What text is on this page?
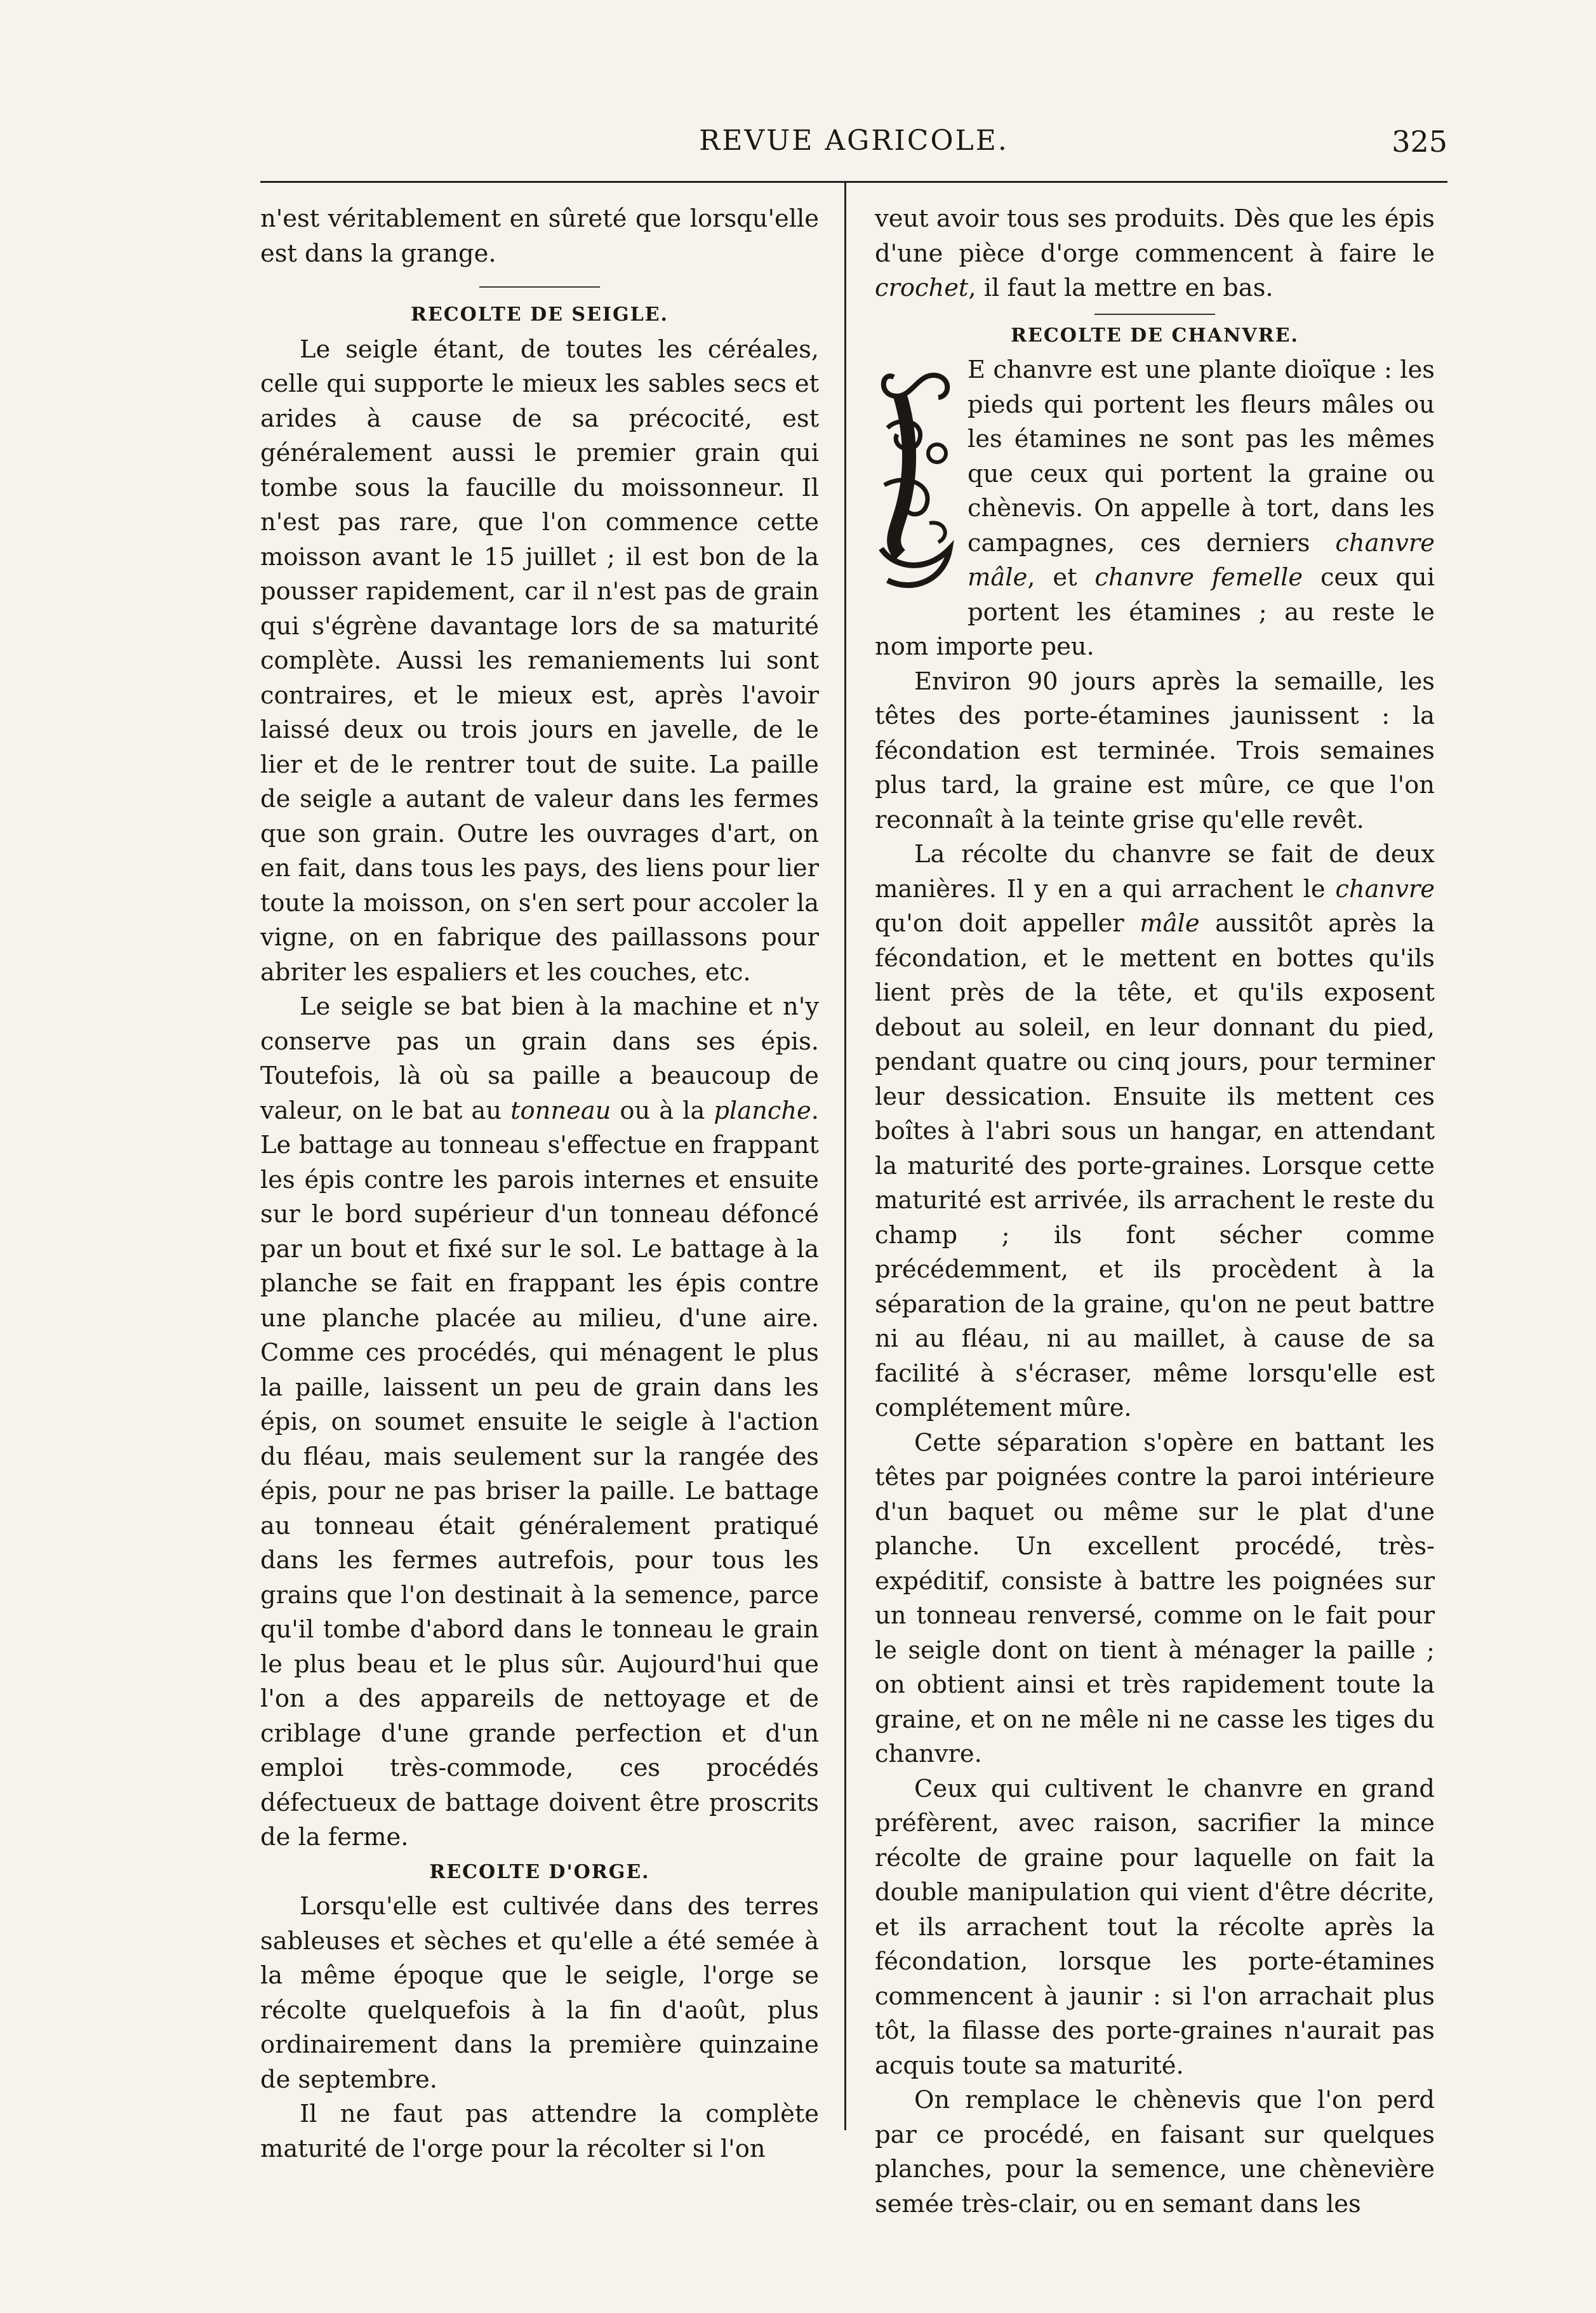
REVUE AGRICOLE.	325

n'est véritablement en sûreté que lorsqu'elle est dans la grange.

RECOLTE DE SEIGLE.

Le seigle étant, de toutes les céréales, celle qui supporte le mieux les sables secs et arides à cause de sa précocité, est généralement aussi le premier grain qui tombe sous la faucille du moissonneur. Il n'est pas rare, que l'on commence cette moisson avant le 15 juillet ; il est bon de la pousser rapidement, car il n'est pas de grain qui s'égrène davantage lors de sa maturité complète. Aussi les remaniements lui sont contraires, et le mieux est, après l'avoir laissé deux ou trois jours en javelle, de le lier et de le rentrer tout de suite. La paille de seigle a autant de valeur dans les fermes que son grain. Outre les ouvrages d'art, on en fait, dans tous les pays, des liens pour lier toute la moisson, on s'en sert pour accoler la vigne, on en fabrique des paillassons pour abriter les espaliers et les couches, etc.

Le seigle se bat bien à la machine et n'y conserve pas un grain dans ses épis. Toutefois, là où sa paille a beaucoup de valeur, on le bat au tonneau ou à la planche. Le battage au tonneau s'effectue en frappant les épis contre les parois internes et ensuite sur le bord supérieur d'un tonneau défoncé par un bout et fixé sur le sol. Le battage à la planche se fait en frappant les épis contre une planche placée au milieu, d'une aire. Comme ces procédés, qui ménagent le plus la paille, laissent un peu de grain dans les épis, on soumet ensuite le seigle à l'action du fléau, mais seulement sur la rangée des épis, pour ne pas briser la paille. Le battage au tonneau était généralement pratiqué dans les fermes autrefois, pour tous les grains que l'on destinait à la semence, parce qu'il tombe d'abord dans le tonneau le grain le plus beau et le plus sûr. Aujourd'hui que l'on a des appareils de nettoyage et de criblage d'une grande perfection et d'un emploi très-commode, ces procédés défectueux de battage doivent être proscrits de la ferme.

RECOLTE D'ORGE.

Lorsqu'elle est cultivée dans des terres sableuses et sèches et qu'elle a été semée à la même époque que le seigle, l'orge se récolte quelquefois à la fin d'août, plus ordinairement dans la première quinzaine de septembre.

Il ne faut pas attendre la complète maturité de l'orge pour la récolter si l'on

veut avoir tous ses produits. Dès que les épis d'une pièce d'orge commencent à faire le crochet, il faut la mettre en bas.

RECOLTE DE CHANVRE.

E chanvre est une plante dioïque : les pieds qui portent les fleurs mâles ou les étamines ne sont pas les mêmes que ceux qui portent la graine ou chènevis. On appelle à tort, dans les campagnes, ces derniers chanvre mâle, et chanvre femelle ceux qui portent les étamines ; au reste le nom importe peu.

Environ 90 jours après la semaille, les têtes des porte-étamines jaunissent : la fécondation est terminée. Trois semaines plus tard, la graine est mûre, ce que l'on reconnaît à la teinte grise qu'elle revêt.

La récolte du chanvre se fait de deux manières. Il y en a qui arrachent le chanvre qu'on doit appeller mâle aussitôt après la fécondation, et le mettent en bottes qu'ils lient près de la tête, et qu'ils exposent debout au soleil, en leur donnant du pied, pendant quatre ou cinq jours, pour terminer leur dessication. Ensuite ils mettent ces boîtes à l'abri sous un hangar, en attendant la maturité des porte-graines. Lorsque cette maturité est arrivée, ils arrachent le reste du champ ; ils font sécher comme précédemment, et ils procèdent à la séparation de la graine, qu'on ne peut battre ni au fléau, ni au maillet, à cause de sa facilité à s'écraser, même lorsqu'elle est complétement mûre.

Cette séparation s'opère en battant les têtes par poignées contre la paroi intérieure d'un baquet ou même sur le plat d'une planche. Un excellent procédé, très-expéditif, consiste à battre les poignées sur un tonneau renversé, comme on le fait pour le seigle dont on tient à ménager la paille ; on obtient ainsi et très rapidement toute la graine, et on ne mêle ni ne casse les tiges du chanvre.

Ceux qui cultivent le chanvre en grand préfèrent, avec raison, sacrifier la mince récolte de graine pour laquelle on fait la double manipulation qui vient d'être décrite, et ils arrachent tout la récolte après la fécondation, lorsque les porte-étamines commencent à jaunir : si l'on arrachait plus tôt, la filasse des porte-graines n'aurait pas acquis toute sa maturité.

On remplace le chènevis que l'on perd par ce procédé, en faisant sur quelques planches, pour la semence, une chènevière semée très-clair, ou en semant dans les
